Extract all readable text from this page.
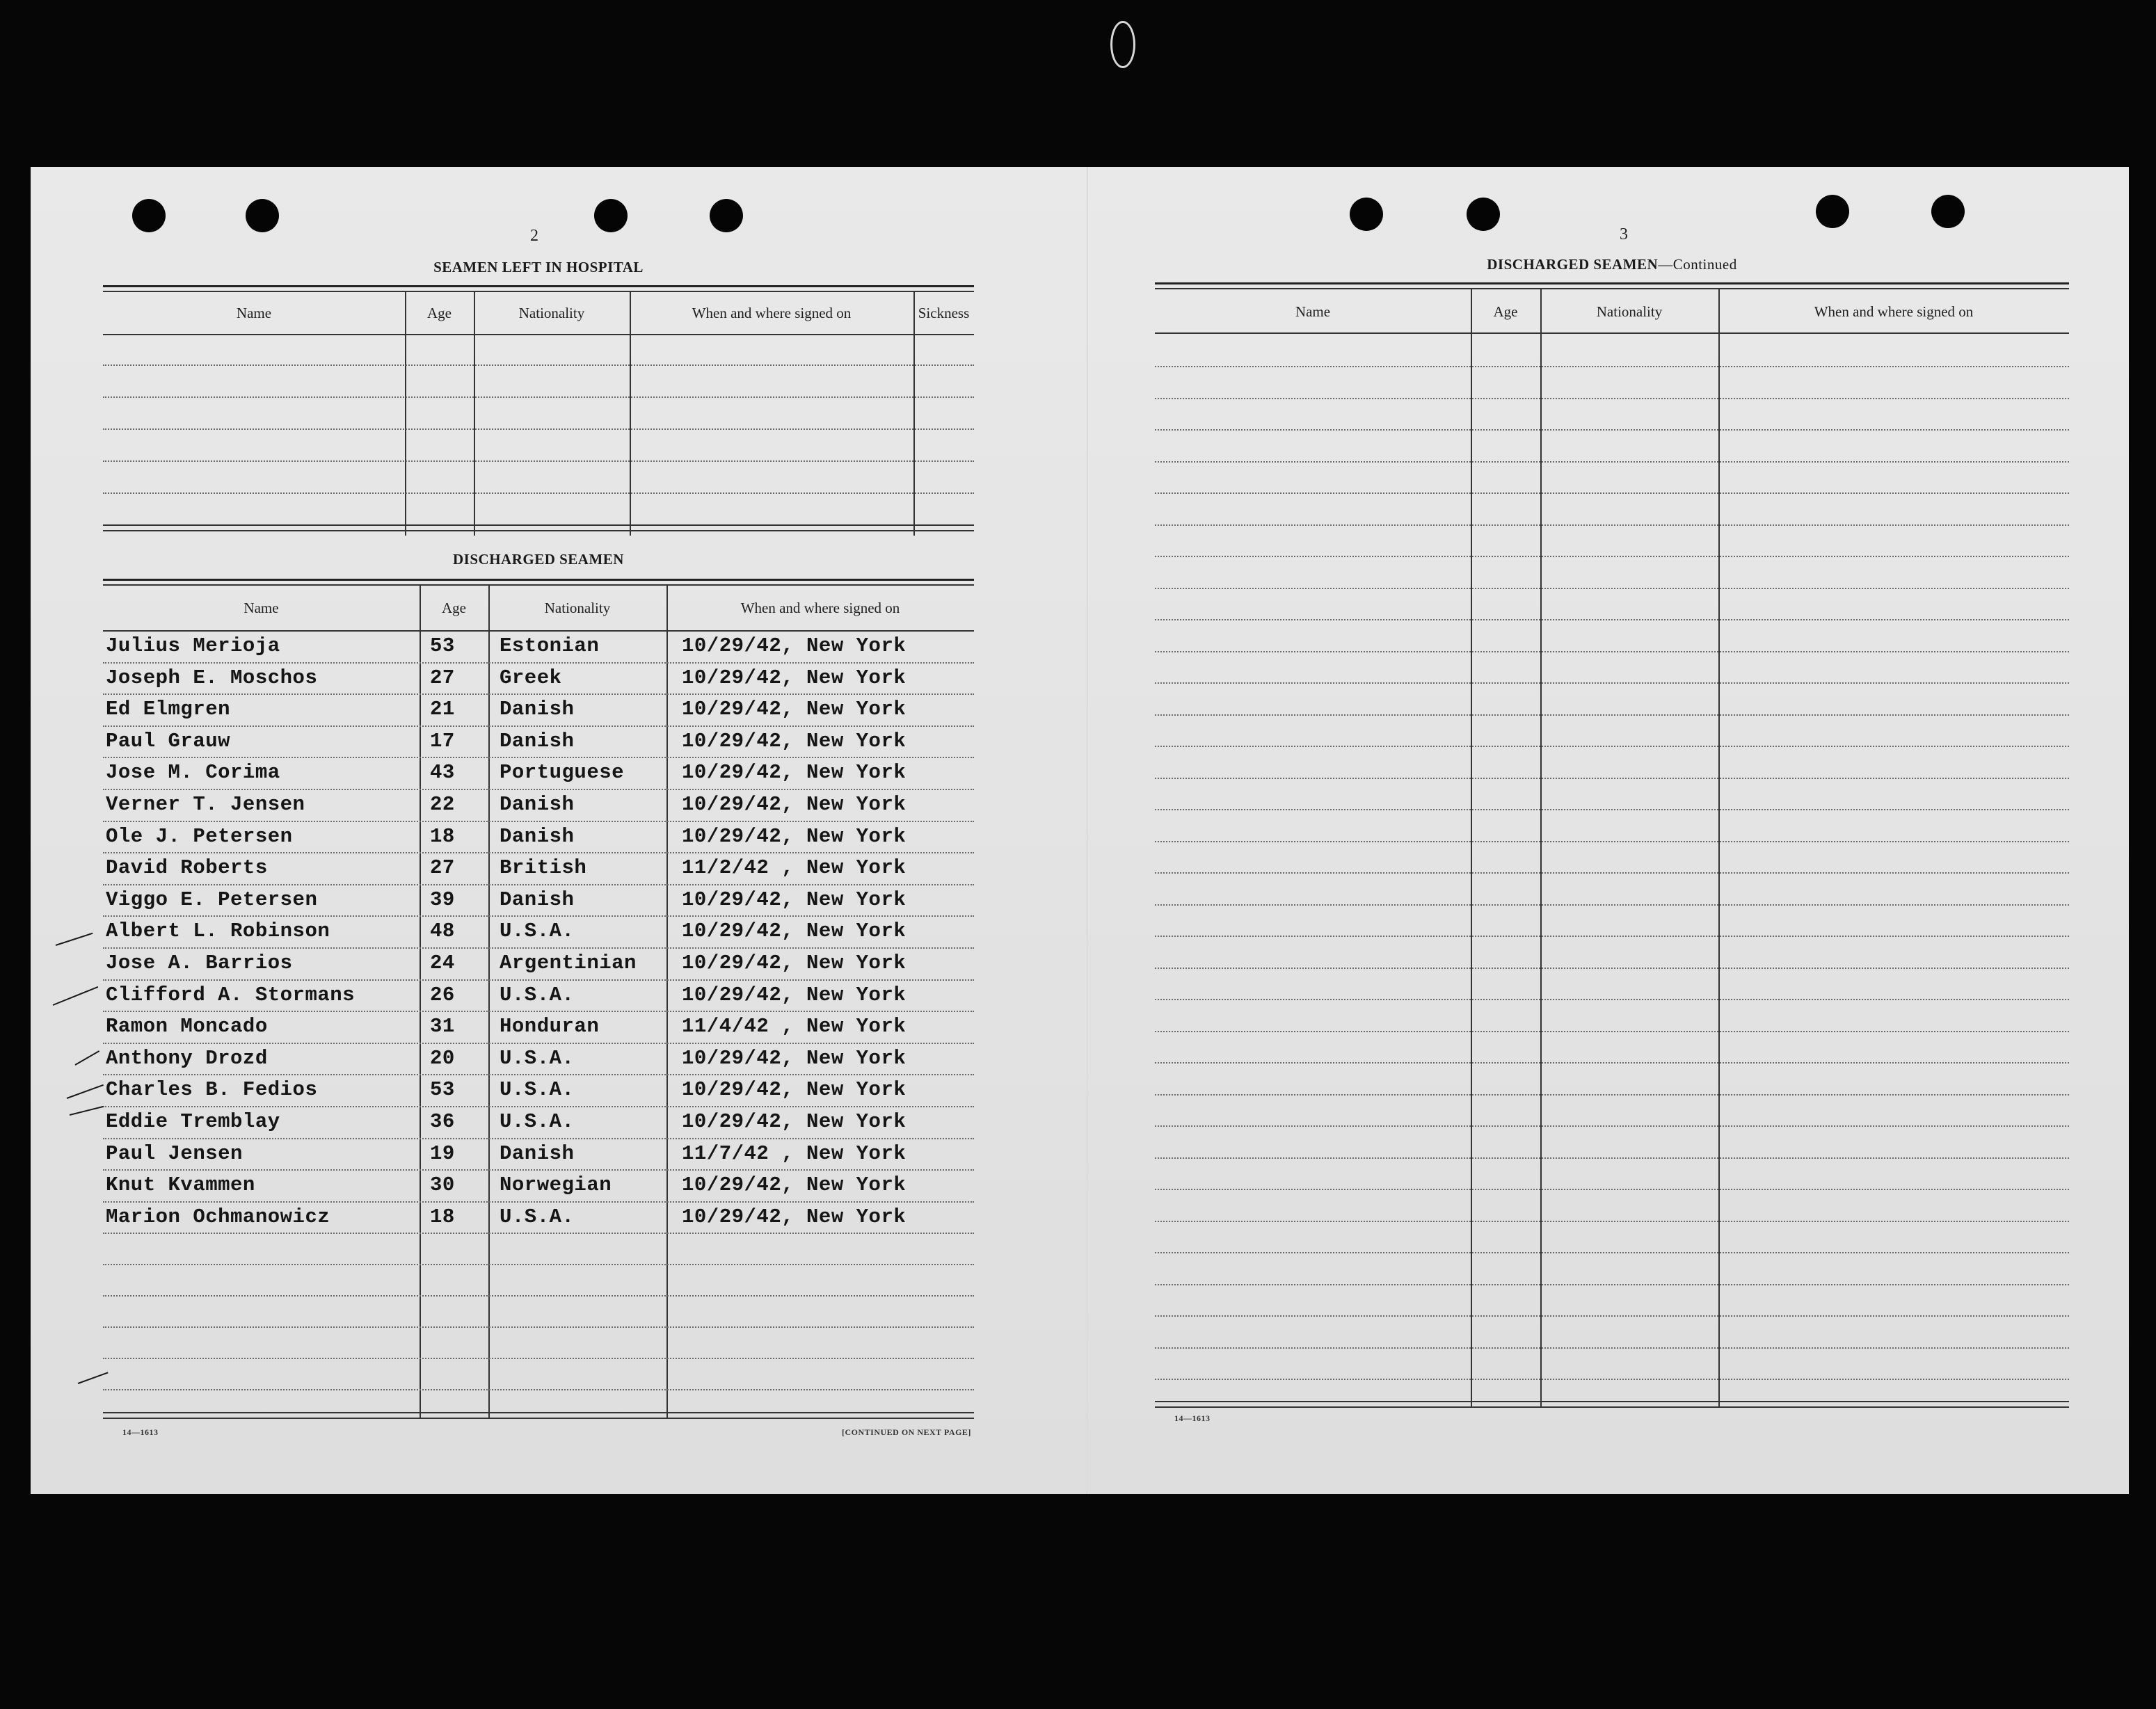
2
SEAMEN LEFT IN HOSPITAL
Name	Age	Nationality	When and where signed on	Sickness
DISCHARGED SEAMEN
Name	Age	Nationality	When and where signed on
Julius Merioja	53 Estonian	10/29/42, New York
Joseph E. Moschos	27 Greek	10/29/42, New York
Ed Elmgren	21 Danish	10/29/42, New York
Paul Grauw	17 Danish	10/29/42, New York
Jose M. Corima	43 Portuguese	10/29/42, New York
Verner T. Jensen	22 Danish	10/29/42, New York
Ole J. Petersen	18 Danish	10/29/42, New York
David Roberts	27 British	11/2/42 , New York
Viggo E. Petersen	39 Danish	10/29/42, New York
Albert L. Robinson	48 U.S.A.	10/29/42, New York
Jose A. Barrios	24 Argentinian 10/29/42, New York
Clifford A. Stormans	26 U.S.A.	10/29/42, New York
Ramon Moncado	31 Honduran	11/4/42 , New York
Anthony Drozd	20 U.S.A.	10/29/42, New York
Charles B. Fedios	53 U.S.A.	10/29/42, New York
Eddie Tremblay	36 U.S.A.	10/29/42, New York
Paul Jensen	19 Danish	11/7/42 , New York
Knut Kvammen	30 Norwegian	10/29/42, New York
Marion Ochmanowicz	18 U.S.A.	10/29/42, New York
14—1613	[CONTINUED ON NEXT PAGE]
3
DISCHARGED SEAMEN—Continued
Name	Age	Nationality	When and where signed on
14—1613
